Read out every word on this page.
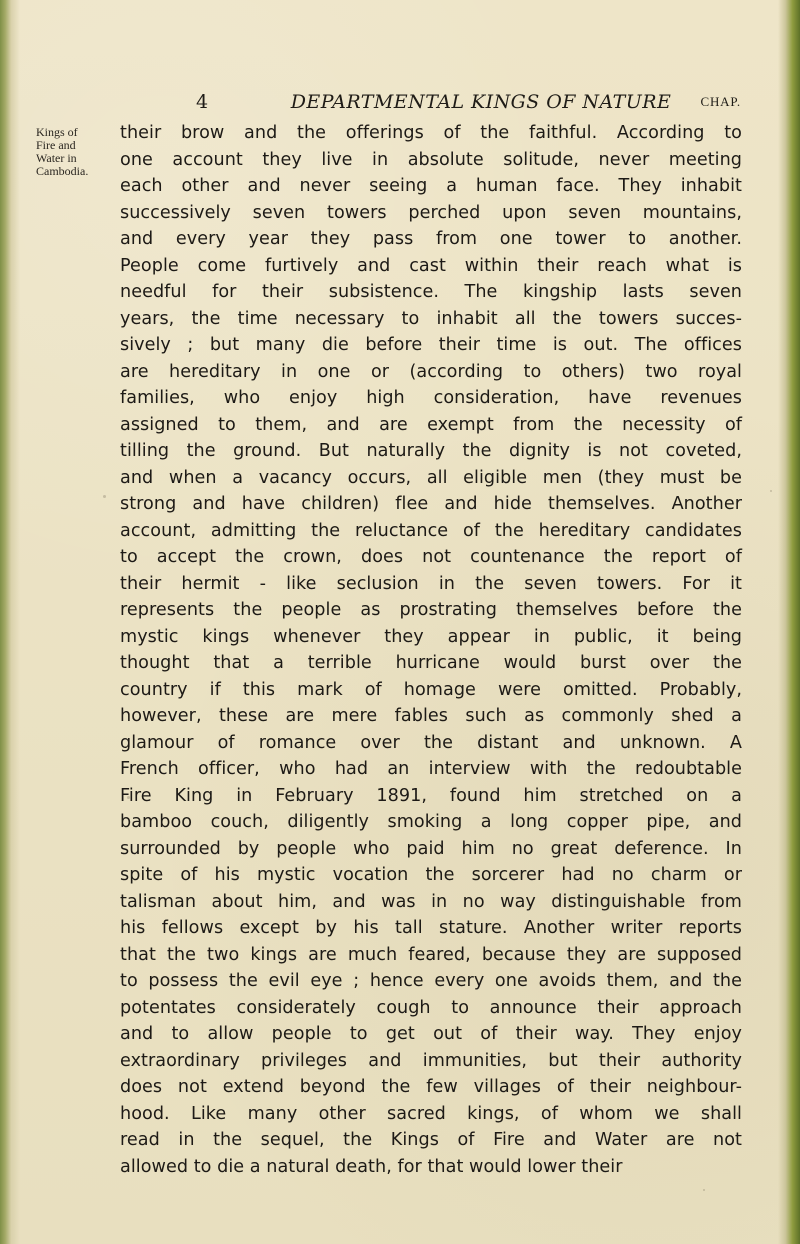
4	DEPARTMENTAL KINGS OF NATURE	CHAP.
Kings of
Fire and
Water in
Cambodia.
their brow and the offerings of the faithful. According to
one account they live in absolute solitude, never meeting
each other and never seeing a human face. They inhabit
successively seven towers perched upon seven mountains,
and every year they pass from one tower to another.
People come furtively and cast within their reach what is
needful for their subsistence. The kingship lasts seven
years, the time necessary to inhabit all the towers succes-
sively ; but many die before their time is out. The offices
are hereditary in one or (according to others) two royal
families, who enjoy high consideration, have revenues
assigned to them, and are exempt from the necessity of
tilling the ground. But naturally the dignity is not coveted,
and when a vacancy occurs, all eligible men (they must be
strong and have children) flee and hide themselves. Another
account, admitting the reluctance of the hereditary candidates
to accept the crown, does not countenance the report of
their hermit - like seclusion in the seven towers. For it
represents the people as prostrating themselves before the
mystic kings whenever they appear in public, it being
thought that a terrible hurricane would burst over the
country if this mark of homage were omitted. Probably,
however, these are mere fables such as commonly shed a
glamour of romance over the distant and unknown. A
French officer, who had an interview with the redoubtable
Fire King in February 1891, found him stretched on a
bamboo couch, diligently smoking a long copper pipe, and
surrounded by people who paid him no great deference. In
spite of his mystic vocation the sorcerer had no charm or
talisman about him, and was in no way distinguishable from
his fellows except by his tall stature. Another writer reports
that the two kings are much feared, because they are supposed
to possess the evil eye ; hence every one avoids them, and the
potentates considerately cough to announce their approach
and to allow people to get out of their way. They enjoy
extraordinary privileges and immunities, but their authority
does not extend beyond the few villages of their neighbour-
hood. Like many other sacred kings, of whom we shall
read in the sequel, the Kings of Fire and Water are not
allowed to die a natural death, for that would lower their
